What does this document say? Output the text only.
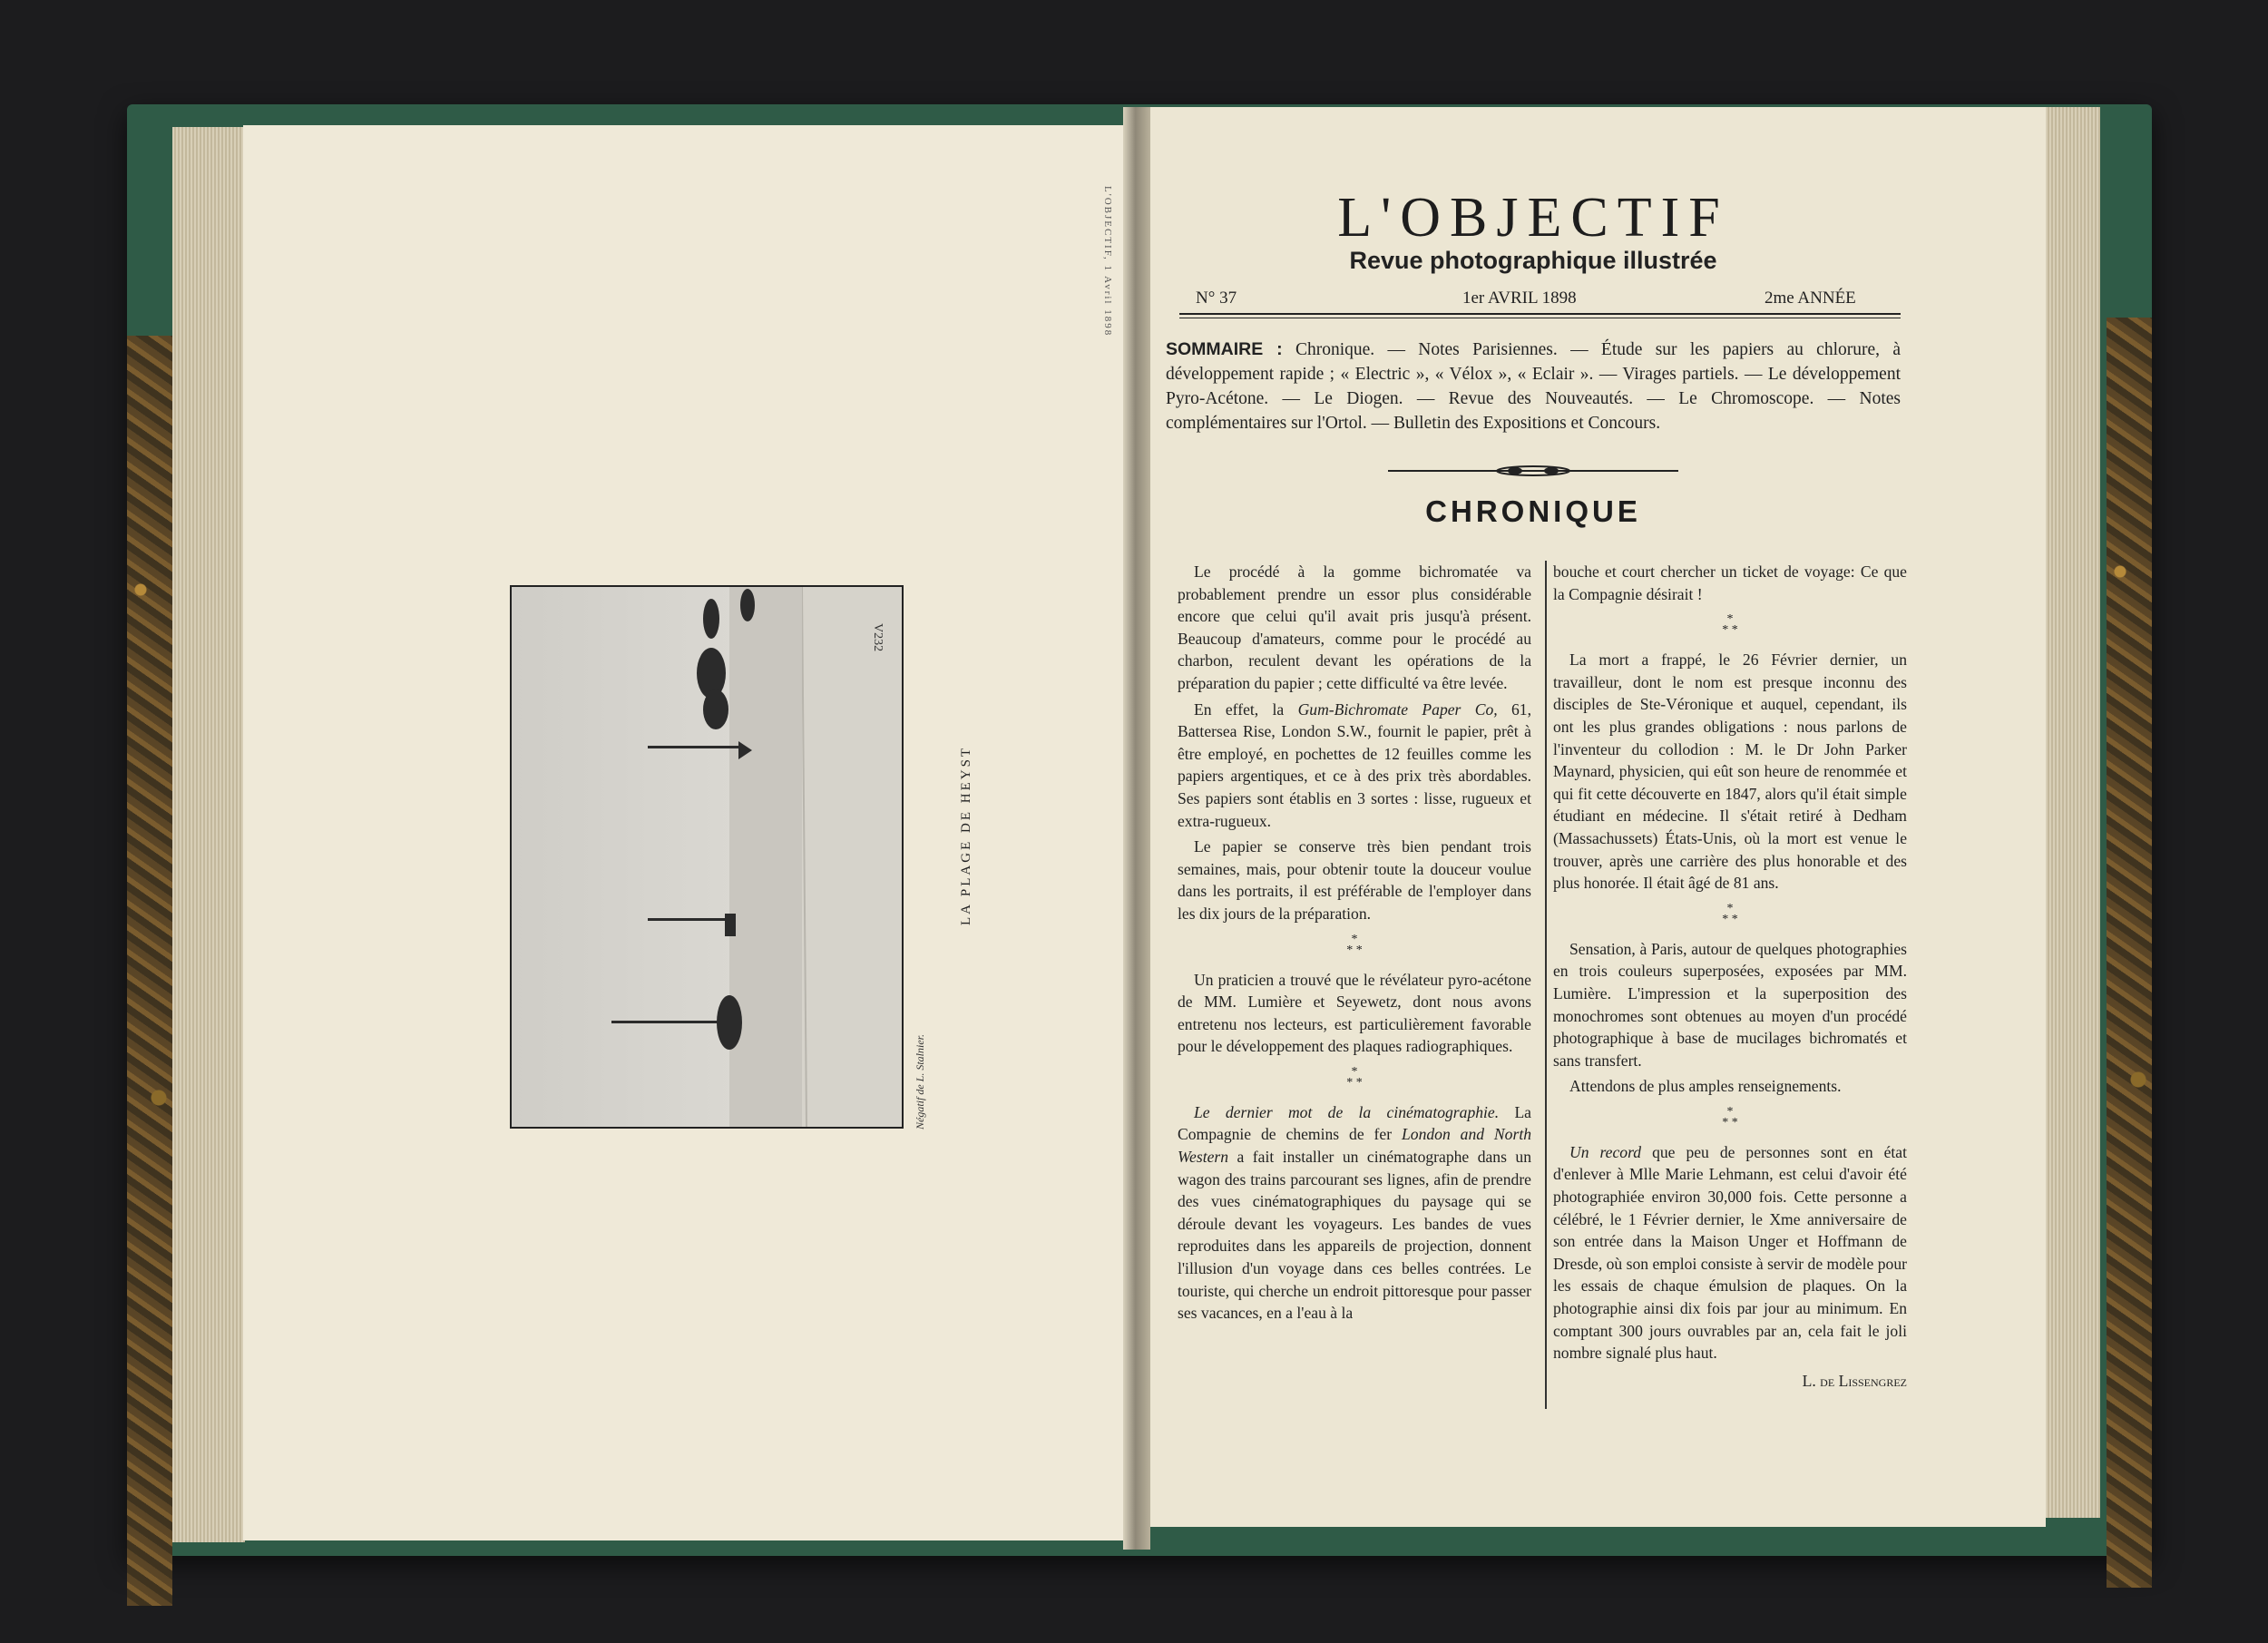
L'OBJECTIF, 1 Avril 1898
V232
LA PLAGE DE HEYST
Négatif de L. Stalnier.
L'OBJECTIF
Revue photographique illustrée
N° 37	1er AVRIL 1898	2me ANNÉE
SOMMAIRE : Chronique. — Notes Parisiennes. — Étude sur les papiers au chlorure, à développement rapide ; « Electric », « Vélox », « Eclair ». — Virages partiels. — Le développement Pyro-Acétone. — Le Diogen. — Revue des Nouveautés. — Le Chromoscope. — Notes complémentaires sur l'Ortol. — Bulletin des Expositions et Concours.
CHRONIQUE

Le procédé à la gomme bichromatée va probablement prendre un essor plus considérable encore que celui qu'il avait pris jusqu'à présent. Beaucoup d'amateurs, comme pour le procédé au charbon, reculent devant les opérations de la préparation du papier ; cette difficulté va être levée.

En effet, la Gum-Bichromate Paper Co, 61, Battersea Rise, London S.W., fournit le papier, prêt à être employé, en pochettes de 12 feuilles comme les papiers argentiques, et ce à des prix très abordables. Ses papiers sont établis en 3 sortes : lisse, rugueux et extra-rugueux.

Le papier se conserve très bien pendant trois semaines, mais, pour obtenir toute la douceur voulue dans les portraits, il est préférable de l'employer dans les dix jours de la préparation.

*
* *

Un praticien a trouvé que le révélateur pyro-acétone de MM. Lumière et Seyewetz, dont nous avons entretenu nos lecteurs, est particulièrement favorable pour le développement des plaques radiographiques.

*
* *

Le dernier mot de la cinématographie. La Compagnie de chemins de fer London and North Western a fait installer un cinématographe dans un wagon des trains parcourant ses lignes, afin de prendre des vues cinématographiques du paysage qui se déroule devant les voyageurs. Les bandes de vues reproduites dans les appareils de projection, donnent l'illusion d'un voyage dans ces belles contrées. Le touriste, qui cherche un endroit pittoresque pour passer ses vacances, en a l'eau à la

bouche et court chercher un ticket de voyage: Ce que la Compagnie désirait !

*
* *

La mort a frappé, le 26 Février dernier, un travailleur, dont le nom est presque inconnu des disciples de Ste-Véronique et auquel, cependant, ils ont les plus grandes obligations : nous parlons de l'inventeur du collodion : M. le Dr John Parker Maynard, physicien, qui eût son heure de renommée et qui fit cette découverte en 1847, alors qu'il était simple étudiant en médecine. Il s'était retiré à Dedham (Massachussets) États-Unis, où la mort est venue le trouver, après une carrière des plus honorable et des plus honorée. Il était âgé de 81 ans.

*
* *

Sensation, à Paris, autour de quelques photographies en trois couleurs superposées, exposées par MM. Lumière. L'impression et la superposition des monochromes sont obtenues au moyen d'un procédé photographique à base de mucilages bichromatés et sans transfert.

Attendons de plus amples renseignements.

*
* *

Un record que peu de personnes sont en état d'enlever à Mlle Marie Lehmann, est celui d'avoir été photographiée environ 30,000 fois. Cette personne a célébré, le 1 Février dernier, le Xme anniversaire de son entrée dans la Maison Unger et Hoffmann de Dresde, où son emploi consiste à servir de modèle pour les essais de chaque émulsion de plaques. On la photographie ainsi dix fois par jour au minimum. En comptant 300 jours ouvrables par an, cela fait le joli nombre signalé plus haut.

L. de Lissengrez
